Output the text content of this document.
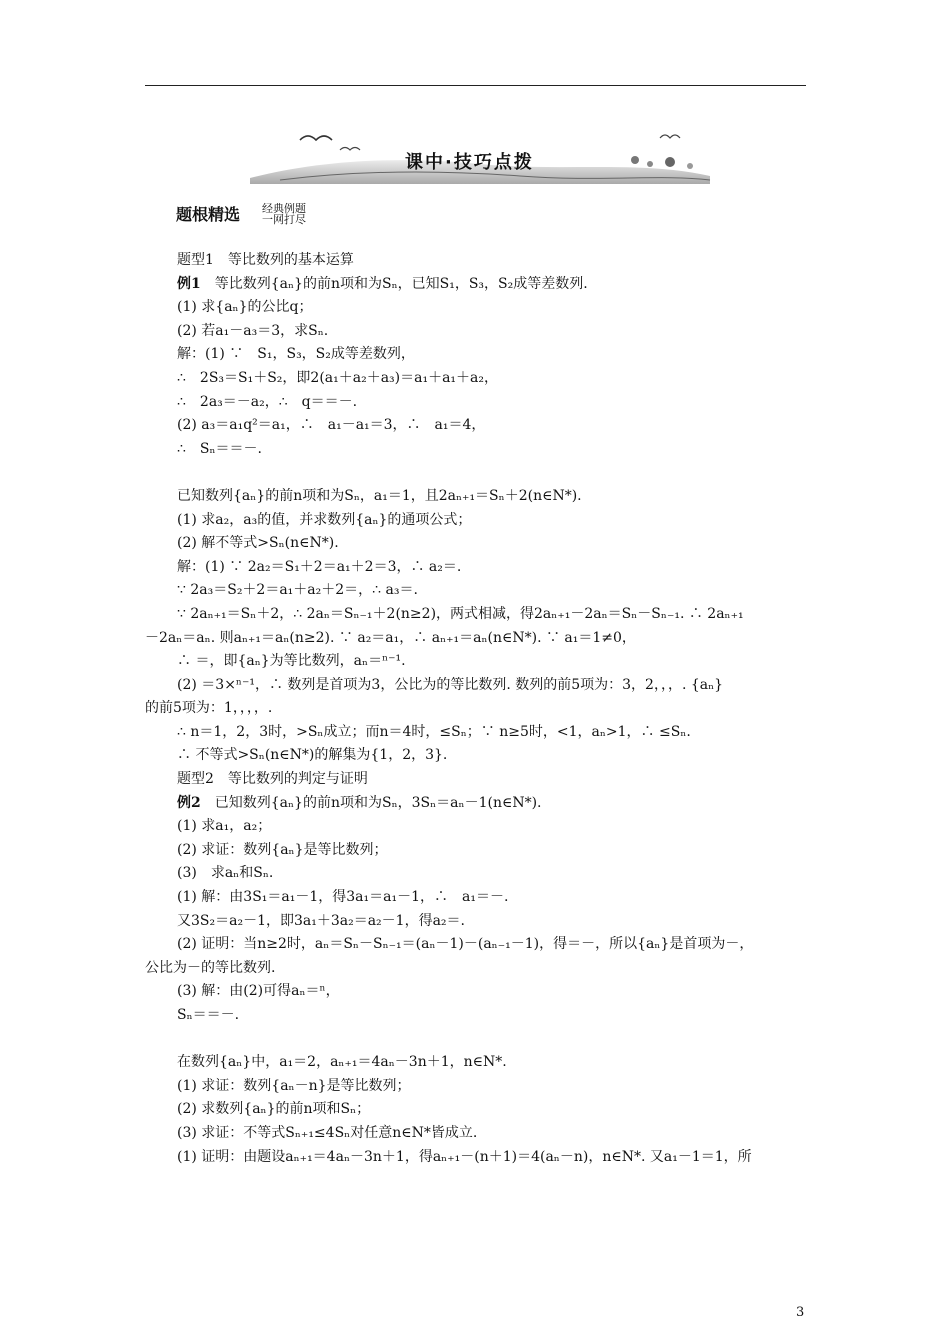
课中·技巧点拨
题根精选 经典例题
一网打尽
题型1　等比数列的基本运算
例1　等比数列{aₙ}的前n项和为Sₙ，已知S₁，S₃，S₂成等差数列.
(1) 求{aₙ}的公比q；
(2) 若a₁－a₃＝3，求Sₙ.
解：(1) ∵　S₁，S₃，S₂成等差数列，
∴　2S₃＝S₁＋S₂，即2(a₁＋a₂＋a₃)＝a₁＋a₁＋a₂，
∴　2a₃＝－a₂，∴　q＝＝－.
(2) a₃＝a₁q²＝a₁，∴　a₁－a₁＝3，∴　a₁＝4，
∴　Sₙ＝＝－.
已知数列{aₙ}的前n项和为Sₙ，a₁＝1，且2aₙ₊₁＝Sₙ＋2(n∈N*).
(1) 求a₂，a₃的值，并求数列{aₙ}的通项公式；
(2) 解不等式>Sₙ(n∈N*).
解：(1) ∵ 2a₂＝S₁＋2＝a₁＋2＝3，∴ a₂＝.
∵ 2a₃＝S₂＋2＝a₁＋a₂＋2＝，∴ a₃＝.
∵ 2aₙ₊₁＝Sₙ＋2，∴ 2aₙ＝Sₙ₋₁＋2(n≥2)，两式相减，得2aₙ₊₁－2aₙ＝Sₙ－Sₙ₋₁. ∴ 2aₙ₊₁
－2aₙ＝aₙ. 则aₙ₊₁＝aₙ(n≥2). ∵ a₂＝a₁，∴ aₙ₊₁＝aₙ(n∈N*). ∵ a₁＝1≠0，
∴ ＝，即{aₙ}为等比数列，aₙ＝ⁿ⁻¹.
(2) ＝3×ⁿ⁻¹，∴ 数列是首项为3，公比为的等比数列. 数列的前5项为：3，2，，，. {aₙ}
的前5项为：1，，，，.
∴ n＝1，2，3时，>Sₙ成立；而n＝4时，≤Sₙ；∵ n≥5时，<1，aₙ>1，∴ ≤Sₙ.
∴ 不等式>Sₙ(n∈N*)的解集为{1，2，3}.
题型2　等比数列的判定与证明
例2　已知数列{aₙ}的前n项和为Sₙ，3Sₙ＝aₙ－1(n∈N*).
(1) 求a₁，a₂；
(2) 求证：数列{aₙ}是等比数列；
(3)　求aₙ和Sₙ.
(1) 解：由3S₁＝a₁－1，得3a₁＝a₁－1，∴　a₁＝－.
又3S₂＝a₂－1，即3a₁＋3a₂＝a₂－1，得a₂＝.
(2) 证明：当n≥2时，aₙ＝Sₙ－Sₙ₋₁＝(aₙ－1)－(aₙ₋₁－1)，得＝－，所以{aₙ}是首项为－，
公比为－的等比数列.
(3) 解：由(2)可得aₙ＝ⁿ，
Sₙ＝＝－.
在数列{aₙ}中，a₁＝2，aₙ₊₁＝4aₙ－3n＋1，n∈N*.
(1) 求证：数列{aₙ－n}是等比数列；
(2) 求数列{aₙ}的前n项和Sₙ；
(3) 求证：不等式Sₙ₊₁≤4Sₙ对任意n∈N*皆成立.
(1) 证明：由题设aₙ₊₁＝4aₙ－3n＋1，得aₙ₊₁－(n＋1)＝4(aₙ－n)，n∈N*. 又a₁－1＝1，所
3
